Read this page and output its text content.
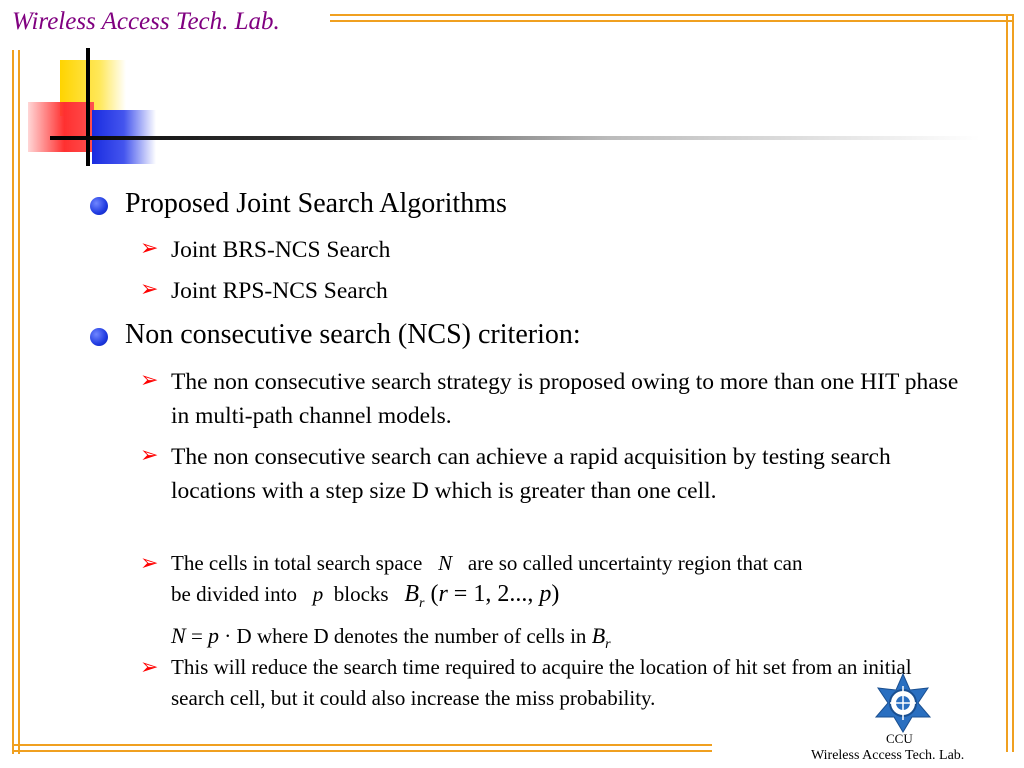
Wireless Access Tech. Lab.
Proposed Joint Search Algorithms
➢ Joint BRS-NCS Search
➢ Joint RPS-NCS Search
Non consecutive search (NCS) criterion:
➢ The non consecutive search strategy is proposed owing to more than one HIT phase in multi-path channel models.
➢ The non consecutive search can achieve a rapid acquisition by testing search locations with a step size D which is greater than one cell.
➢ The cells in total search space N are so called uncertainty region that can
be divided into p blocks $B_r$ (r = 1, 2..., p)
N = p · D where D denotes the number of cells in $B_r$
➢ This will reduce the search time required to acquire the location of hit set from an initial search cell, but it could also increase the miss probability.
CCU
Wireless Access Tech. Lab.
